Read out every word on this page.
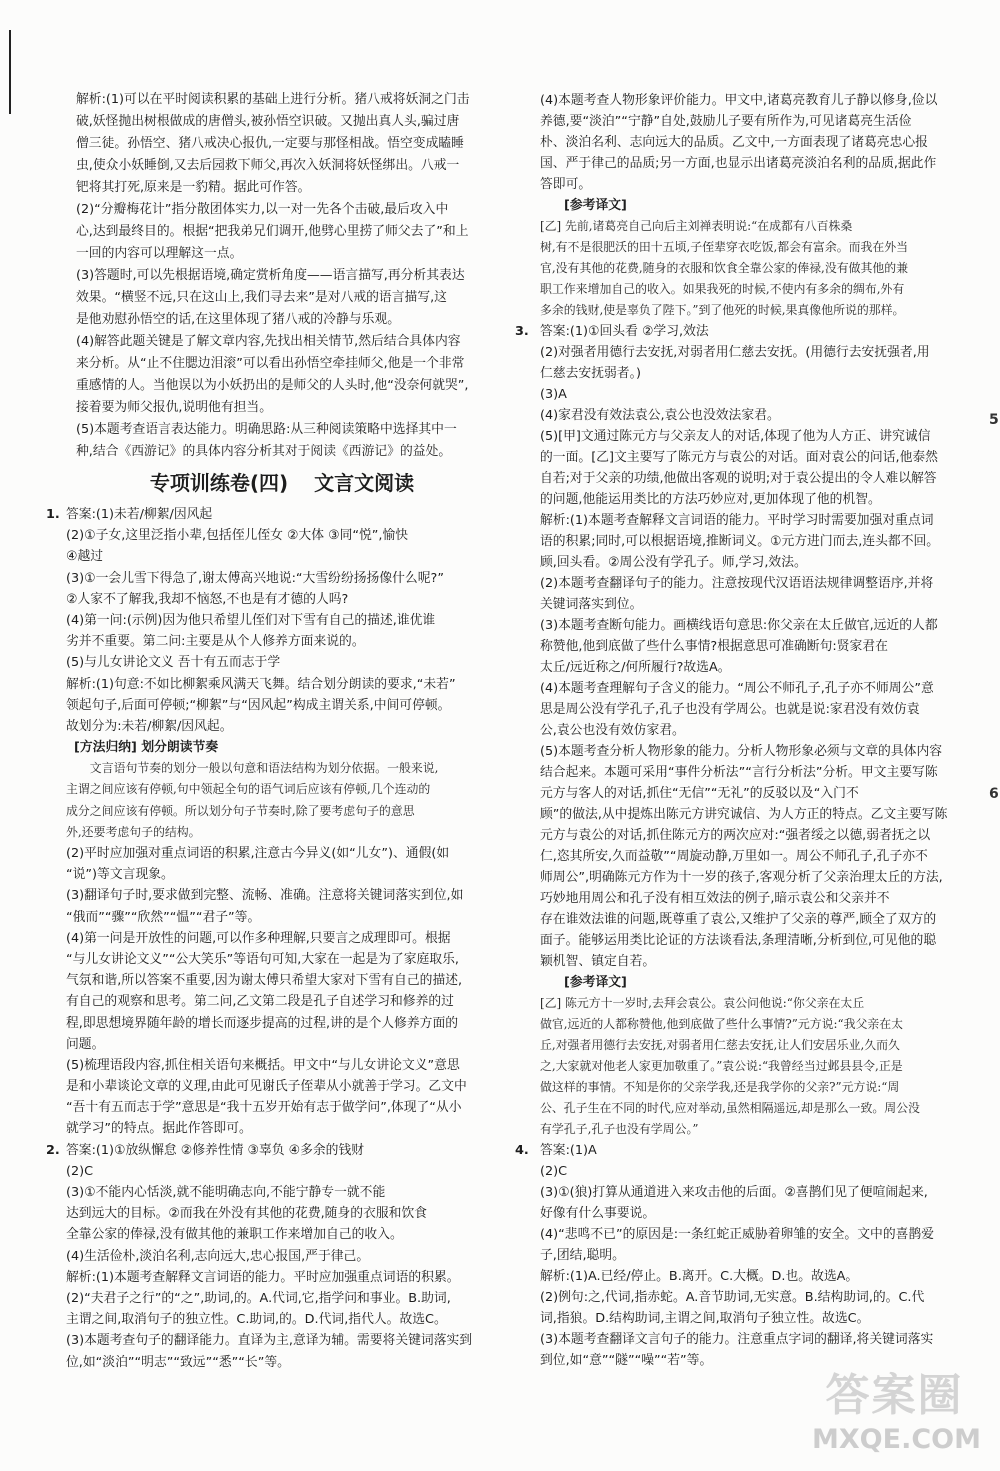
解析:(1)可以在平时阅读积累的基础上进行分析。猪八戒将妖洞之门击
破,妖怪抛出树根做成的唐僧头,被孙悟空识破。又抛出真人头,骗过唐
僧三徒。孙悟空、猪八戒决心报仇,一定要与那怪相战。悟空变成瞌睡
虫,使众小妖睡倒,又去后园救下师父,再次入妖洞将妖怪绑出。八戒一
钯将其打死,原来是一豹精。据此可作答。
(2)“分瓣梅花计”指分散团体实力,以一对一先各个击破,最后攻入中
心,达到最终目的。根据“把我弟兄们调开,他劈心里捞了师父去了”和上
一回的内容可以理解这一点。
(3)答题时,可以先根据语境,确定赏析角度——语言描写,再分析其表达
效果。“横竖不远,只在这山上,我们寻去来”是对八戒的语言描写,这
是他劝慰孙悟空的话,在这里体现了猪八戒的冷静与乐观。
(4)解答此题关键是了解文章内容,先找出相关情节,然后结合具体内容
来分析。从“止不住腮边泪滚”可以看出孙悟空牵挂师父,他是一个非常
重感情的人。当他误以为小妖扔出的是师父的人头时,他“没奈何就哭”,
接着要为师父报仇,说明他有担当。
(5)本题考查语言表达能力。明确思路:从三种阅读策略中选择其中一
种,结合《西游记》的具体内容分析其对于阅读《西游记》的益处。
专项训练卷(四) 文言文阅读
1. 答案:(1)未若/柳絮/因风起
(2)①子女,这里泛指小辈,包括侄儿侄女 ②大体 ③同“悦”,愉快
④越过
(3)①一会儿雪下得急了,谢太傅高兴地说:“大雪纷纷扬扬像什么呢?”
②人家不了解我,我却不恼怒,不也是有才德的人吗?
(4)第一问:(示例)因为他只希望儿侄们对下雪有自己的描述,谁优谁
劣并不重要。第二问:主要是从个人修养方面来说的。
(5)与儿女讲论文义 吾十有五而志于学
解析:(1)句意:不如比柳絮乘风满天飞舞。结合划分朗读的要求,“未若”
领起句子,后面可停顿;“柳絮”与“因风起”构成主谓关系,中间可停顿。
故划分为:未若/柳絮/因风起。
[方法归纳] 划分朗读节奏
文言语句节奏的划分一般以句意和语法结构为划分依据。一般来说,
主谓之间应该有停顿,句中领起全句的语气词后应该有停顿,几个连动的
成分之间应该有停顿。所以划分句子节奏时,除了要考虑句子的意思
外,还要考虑句子的结构。
(2)平时应加强对重点词语的积累,注意古今异义(如“儿女”)、通假(如
“说”)等文言现象。
(3)翻译句子时,要求做到完整、流畅、准确。注意将关键词落实到位,如
“俄而”“骤”“欣然”“愠”“君子”等。
(4)第一问是开放性的问题,可以作多种理解,只要言之成理即可。根据
“与儿女讲论文义”“公大笑乐”等语句可知,大家在一起是为了家庭取乐,
气氛和谐,所以答案不重要,因为谢太傅只希望大家对下雪有自己的描述,
有自己的观察和思考。第二问,乙文第二段是孔子自述学习和修养的过
程,即思想境界随年龄的增长而逐步提高的过程,讲的是个人修养方面的
问题。
(5)梳理语段内容,抓住相关语句来概括。甲文中“与儿女讲论文义”意思
是和小辈谈论文章的义理,由此可见谢氏子侄辈从小就善于学习。乙文中
“吾十有五而志于学”意思是“我十五岁开始有志于做学问”,体现了“从小
就学习”的特点。据此作答即可。
2. 答案:(1)①放纵懈怠 ②修养性情 ③辜负 ④多余的钱财
(2)C
(3)①不能内心恬淡,就不能明确志向,不能宁静专一就不能
达到远大的目标。②而我在外没有其他的花费,随身的衣服和饮食
全靠公家的俸禄,没有做其他的兼职工作来增加自己的收入。
(4)生活俭朴,淡泊名利,志向远大,忠心报国,严于律己。
解析:(1)本题考查解释文言词语的能力。平时应加强重点词语的积累。
(2)“夫君子之行”的“之”,助词,的。A.代词,它,指学问和事业。B.助词,
主谓之间,取消句子的独立性。C.助词,的。D.代词,指代人。故选C。
(3)本题考查句子的翻译能力。直译为主,意译为辅。需要将关键词落实到
位,如“淡泊”“明志”“致远”“悉”“长”等。
(4)本题考查人物形象评价能力。甲文中,诸葛亮教育儿子静以修身,俭以
养德,要“淡泊”“宁静”自处,鼓励儿子要有所作为,可见诸葛亮生活俭
朴、淡泊名利、志向远大的品质。乙文中,一方面表现了诸葛亮忠心报
国、严于律己的品质;另一方面,也显示出诸葛亮淡泊名利的品质,据此作
答即可。
[参考译文]
[乙] 先前,诸葛亮自己向后主刘禅表明说:“在成都有八百株桑
树,有不是很肥沃的田十五顷,子侄辈穿衣吃饭,都会有富余。而我在外当
官,没有其他的花费,随身的衣服和饮食全靠公家的俸禄,没有做其他的兼
职工作来增加自己的收入。如果我死的时候,不使内有多余的绸布,外有
多余的钱财,使是辜负了陛下。”到了他死的时候,果真像他所说的那样。
3. 答案:(1)①回头看 ②学习,效法
(2)对强者用德行去安抚,对弱者用仁慈去安抚。(用德行去安抚强者,用
仁慈去安抚弱者。)
(3)A
(4)家君没有效法袁公,袁公也没效法家君。
(5)[甲]文通过陈元方与父亲友人的对话,体现了他为人方正、讲究诚信
的一面。[乙]文主要写了陈元方与袁公的对话。面对袁公的问话,他泰然
自若;对于父亲的功绩,他做出客观的说明;对于袁公提出的令人难以解答
的问题,他能运用类比的方法巧妙应对,更加体现了他的机智。
解析:(1)本题考查解释文言词语的能力。平时学习时需要加强对重点词
语的积累;同时,可以根据语境,推断词义。①元方进门而去,连头都不回。
顾,回头看。②周公没有学孔子。师,学习,效法。
(2)本题考查翻译句子的能力。注意按现代汉语语法规律调整语序,并将
关键词落实到位。
(3)本题考查断句能力。画横线语句意思:你父亲在太丘做官,远近的人都
称赞他,他到底做了些什么事情?根据意思可准确断句:贤家君在
太丘/远近称之/何所履行?故选A。
(4)本题考查理解句子含义的能力。“周公不师孔子,孔子亦不师周公”意
思是周公没有学孔子,孔子也没有学周公。也就是说:家君没有效仿袁
公,袁公也没有效仿家君。
(5)本题考查分析人物形象的能力。分析人物形象必须与文章的具体内容
结合起来。本题可采用“事件分析法”“言行分析法”分析。甲文主要写陈
元方与客人的对话,抓住“无信”“无礼”的反驳以及“入门不
顾”的做法,从中提炼出陈元方讲究诚信、为人方正的特点。乙文主要写陈
元方与袁公的对话,抓住陈元方的两次应对:“强者绥之以德,弱者抚之以
仁,恣其所安,久而益敬”“周旋动静,万里如一。周公不师孔子,孔子亦不
师周公”,明确陈元方作为十一岁的孩子,客观分析了父亲治理太丘的方法,
巧妙地用周公和孔子没有相互效法的例子,暗示袁公和父亲并不
存在谁效法谁的问题,既尊重了袁公,又维护了父亲的尊严,顾全了双方的
面子。能够运用类比论证的方法谈看法,条理清晰,分析到位,可见他的聪
颖机智、镇定自若。
[参考译文]
[乙] 陈元方十一岁时,去拜会袁公。袁公问他说:“你父亲在太丘
做官,远近的人都称赞他,他到底做了些什么事情?”元方说:“我父亲在太
丘,对强者用德行去安抚,对弱者用仁慈去安抚,让人们安居乐业,久而久
之,大家就对他老人家更加敬重了。”袁公说:“我曾经当过邺县县令,正是
做这样的事情。不知是你的父亲学我,还是我学你的父亲?”元方说:“周
公、孔子生在不同的时代,应对举动,虽然相隔遥远,却是那么一致。周公没
有学孔子,孔子也没有学周公。”
4. 答案:(1)A
(2)C
(3)①(狼)打算从通道进入来攻击他的后面。②喜鹊们见了便喧闹起来,
好像有什么事要说。
(4)“悲鸣不已”的原因是:一条红蛇正威胁着卵雏的安全。文中的喜鹊爱
子,团结,聪明。
解析:(1)A.已经/停止。B.离开。C.大概。D.也。故选A。
(2)例句:之,代词,指赤蛇。A.音节助词,无实意。B.结构助词,的。C.代
词,指狼。D.结构助词,主谓之间,取消句子独立性。故选C。
(3)本题考查翻译文言句子的能力。注意重点字词的翻译,将关键词落实
到位,如“意”“隧”“噪”“若”等。
5
6
答案圈
MXQE.COM
